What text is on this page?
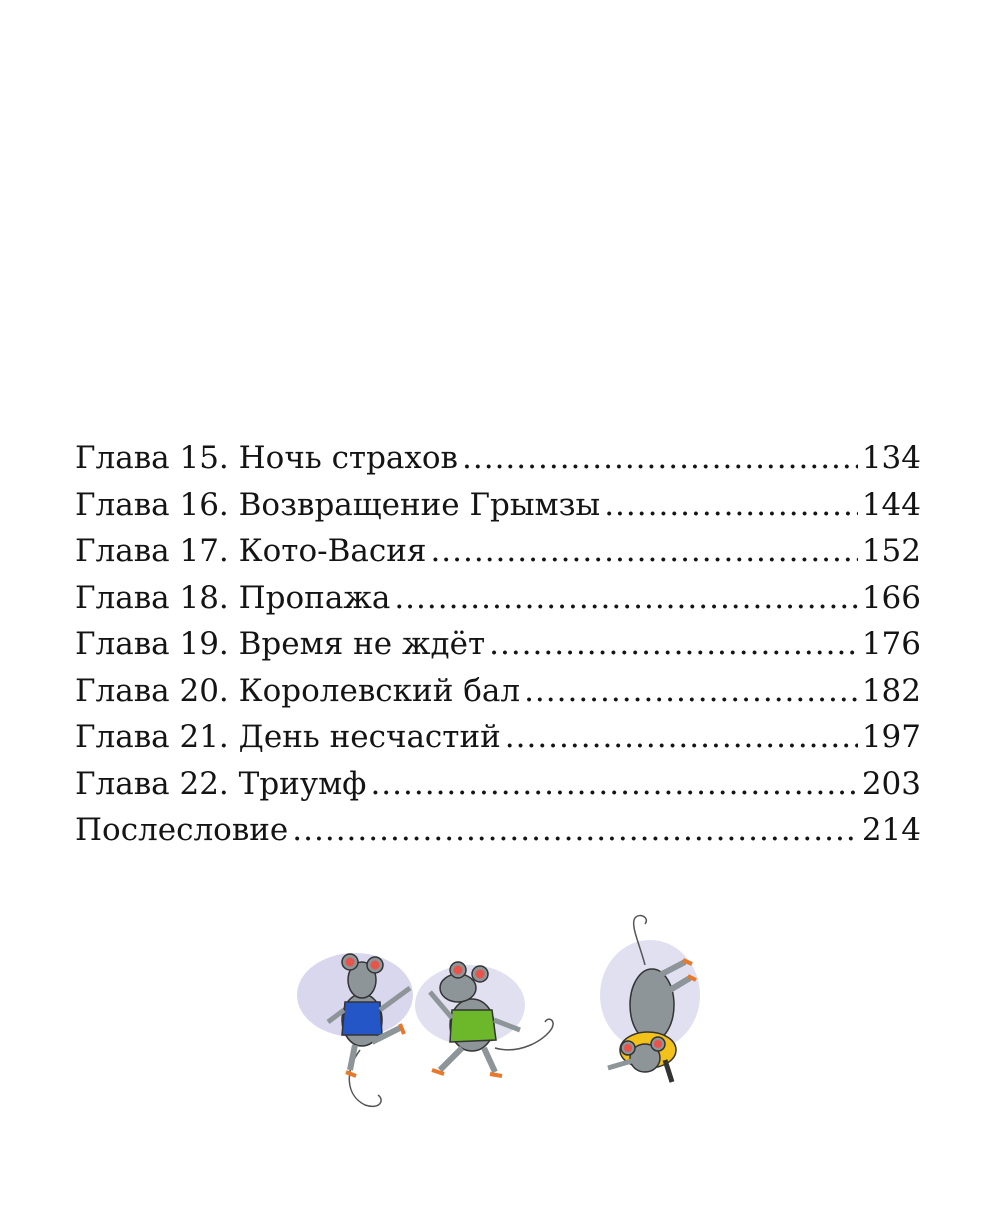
Глава 15. Ночь страхов .....	134
Глава 16. Возвращение Грымзы .....	144
Глава 17. Кото-Васия .....	152
Глава 18. Пропажа .....	166
Глава 19. Время не ждёт .....	176
Глава 20. Королевский бал .....	182
Глава 21. День несчастий .....	197
Глава 22. Триумф .....	203
Послесловие .....	214
